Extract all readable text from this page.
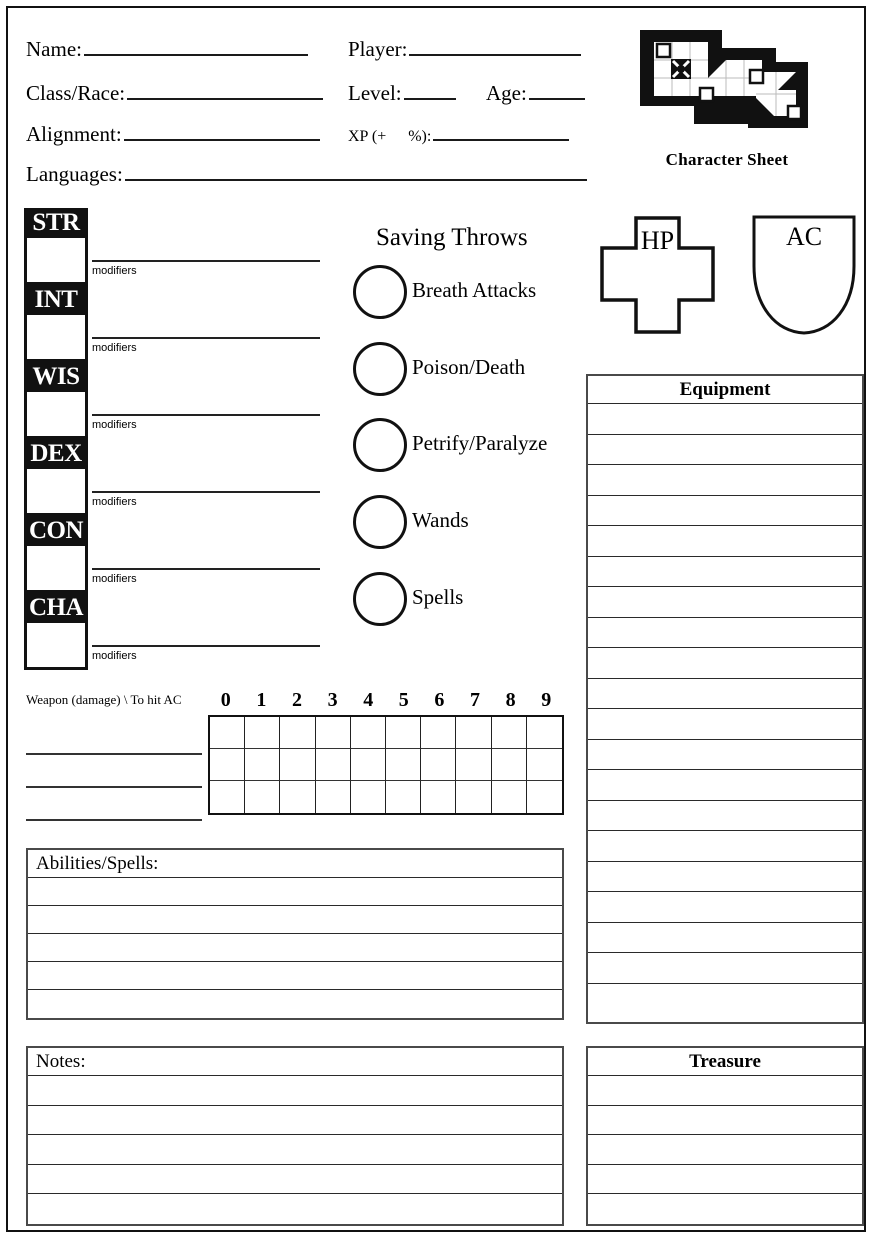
Name:
Class/Race:
Alignment:
Languages:
Player:
Level:	Age:
XP (+ %):
Character Sheet
STR
modifiers
INT
modifiers
WIS
modifiers
DEX
modifiers
CON
modifiers
CHA
modifiers
Saving Throws
Breath Attacks
Poison/Death
Petrify/Paralyze
Wands
Spells
HP	AC
Equipment
Weapon (damage) \ To hit AC	0	1	2	3	4	5	6	7	8	9
Abilities/Spells:
Notes:	Treasure
